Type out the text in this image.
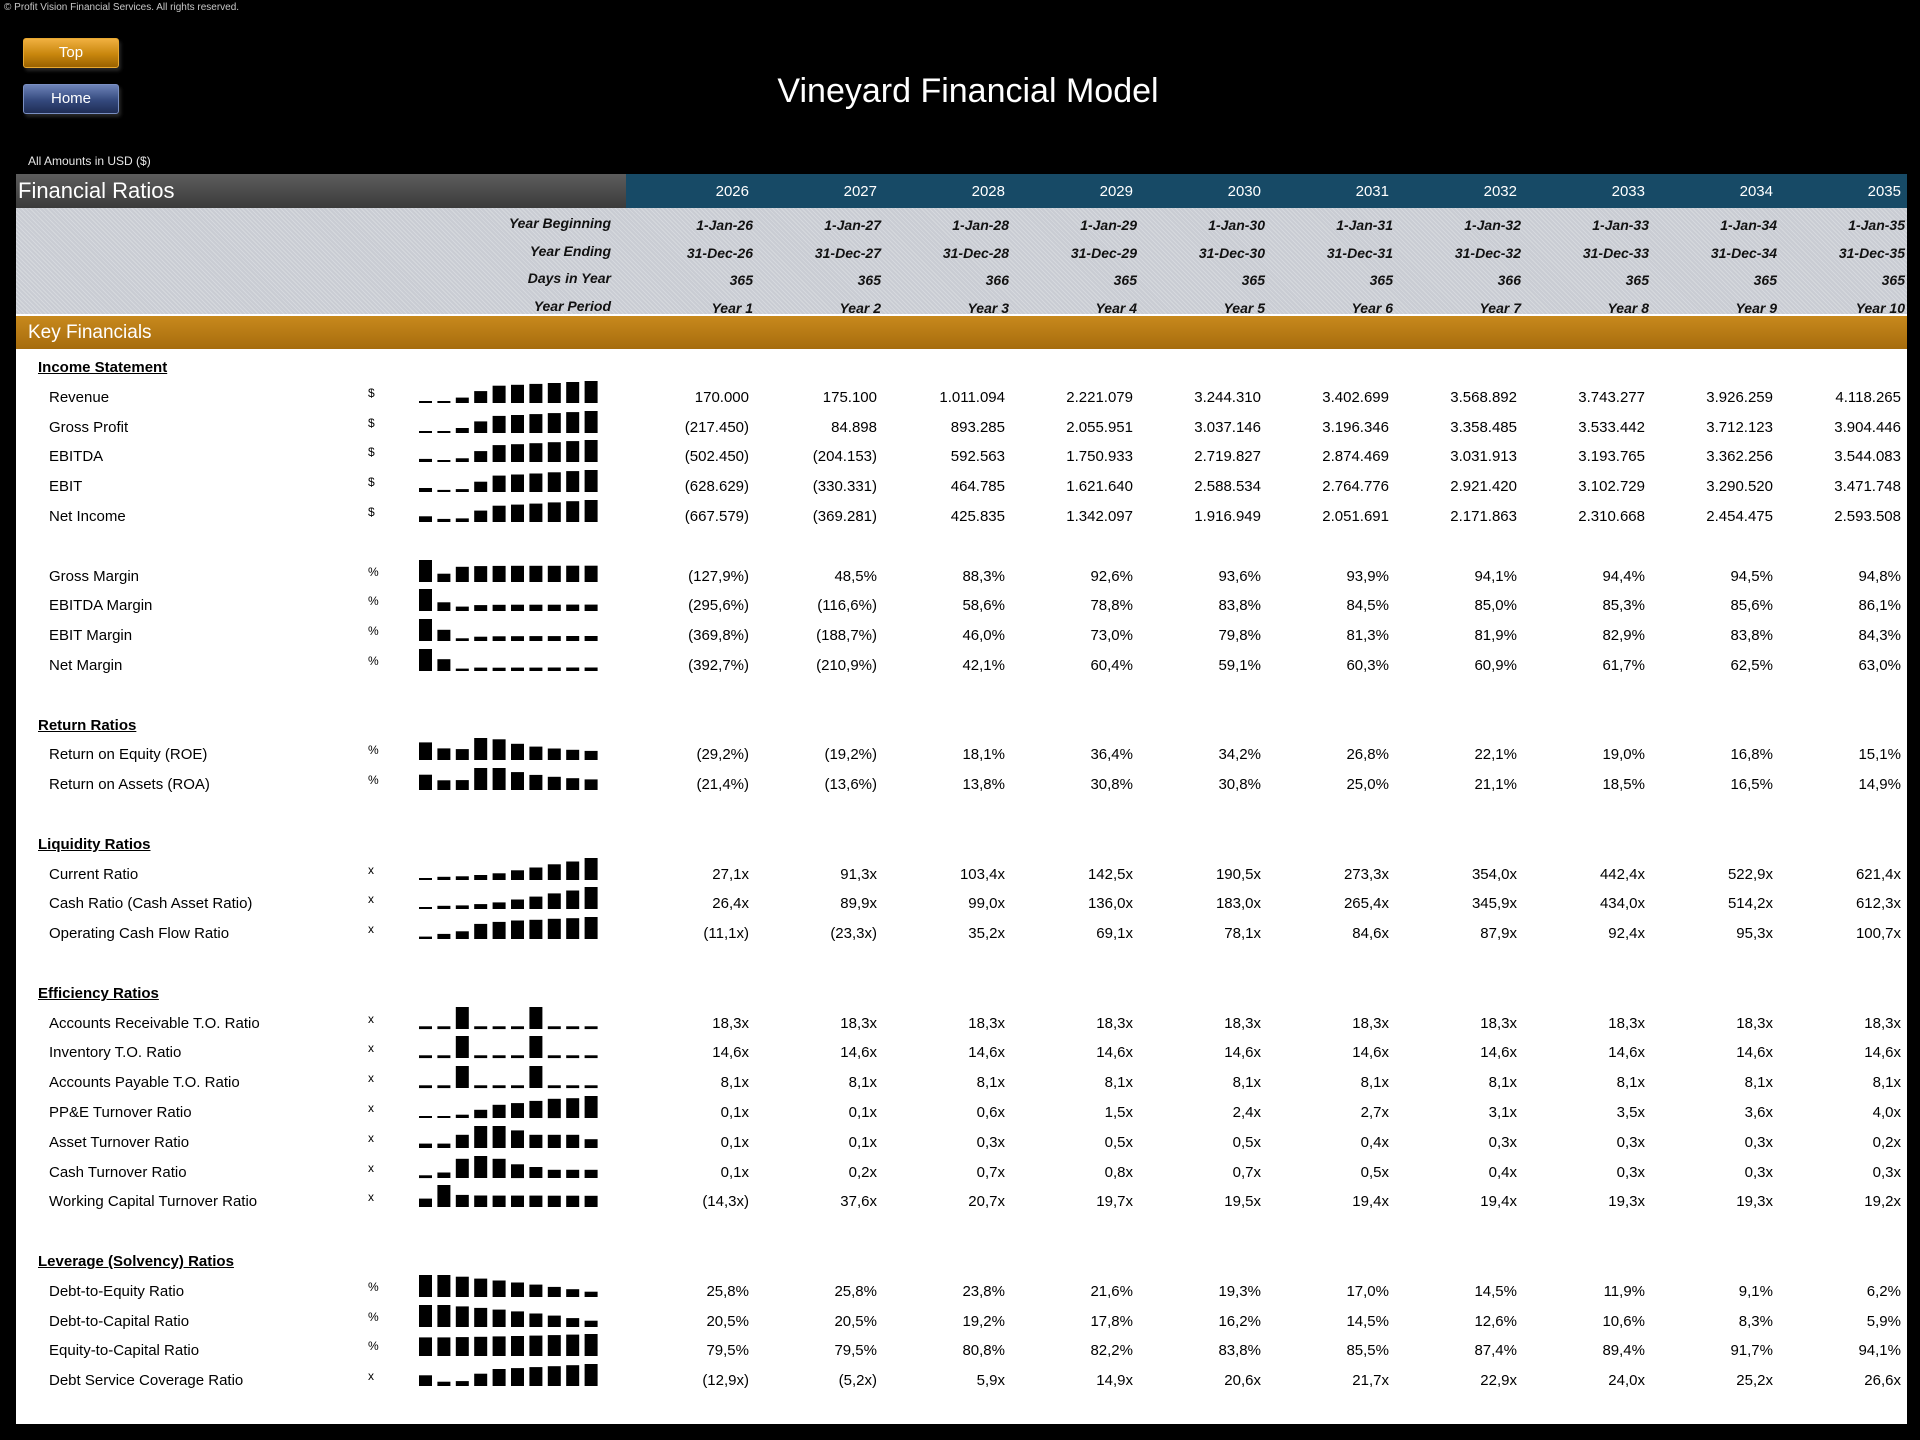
© Profit Vision Financial Services. All rights reserved.
Top
Home	Vineyard Financial Model
All Amounts in USD ($)
Financial Ratios	2026	2027	2028	2029	2030	2031	2032	2033	2034	2035
Year Beginning	1-Jan-26	1-Jan-27	1-Jan-28	1-Jan-29	1-Jan-30	1-Jan-31	1-Jan-32	1-Jan-33	1-Jan-34	1-Jan-35
Year Ending	31-Dec-26	31-Dec-27	31-Dec-28	31-Dec-29	31-Dec-30	31-Dec-31	31-Dec-32	31-Dec-33	31-Dec-34	31-Dec-35
Days in Year	365	365	366	365	365	365	366	365	365	365
Year Period	Year 1	Year 2	Year 3	Year 4	Year 5	Year 6	Year 7	Year 8	Year 9	Year 10
Key Financials
Income Statement
Revenue	$	170.000	175.100	1.011.094	2.221.079	3.244.310	3.402.699	3.568.892	3.743.277	3.926.259	4.118.265
Gross Profit	$	(217.450)	84.898	893.285	2.055.951	3.037.146	3.196.346	3.358.485	3.533.442	3.712.123	3.904.446
EBITDA	$	(502.450)	(204.153)	592.563	1.750.933	2.719.827	2.874.469	3.031.913	3.193.765	3.362.256	3.544.083
EBIT	$	(628.629)	(330.331)	464.785	1.621.640	2.588.534	2.764.776	2.921.420	3.102.729	3.290.520	3.471.748
Net Income	$	(667.579)	(369.281)	425.835	1.342.097	1.916.949	2.051.691	2.171.863	2.310.668	2.454.475	2.593.508
Gross Margin	%	(127,9%)	48,5%	88,3%	92,6%	93,6%	93,9%	94,1%	94,4%	94,5%	94,8%
EBITDA Margin	%	(295,6%)	(116,6%)	58,6%	78,8%	83,8%	84,5%	85,0%	85,3%	85,6%	86,1%
EBIT Margin	%	(369,8%)	(188,7%)	46,0%	73,0%	79,8%	81,3%	81,9%	82,9%	83,8%	84,3%
Net Margin	%	(392,7%)	(210,9%)	42,1%	60,4%	59,1%	60,3%	60,9%	61,7%	62,5%	63,0%
Return Ratios
Return on Equity (ROE)	%	(29,2%)	(19,2%)	18,1%	36,4%	34,2%	26,8%	22,1%	19,0%	16,8%	15,1%
Return on Assets (ROA)	%	(21,4%)	(13,6%)	13,8%	30,8%	30,8%	25,0%	21,1%	18,5%	16,5%	14,9%
Liquidity Ratios
Current Ratio	x	27,1x	91,3x	103,4x	142,5x	190,5x	273,3x	354,0x	442,4x	522,9x	621,4x
Cash Ratio (Cash Asset Ratio)	x	26,4x	89,9x	99,0x	136,0x	183,0x	265,4x	345,9x	434,0x	514,2x	612,3x
Operating Cash Flow Ratio	x	(11,1x)	(23,3x)	35,2x	69,1x	78,1x	84,6x	87,9x	92,4x	95,3x	100,7x
Efficiency Ratios
Accounts Receivable T.O. Ratio	x	18,3x	18,3x	18,3x	18,3x	18,3x	18,3x	18,3x	18,3x	18,3x	18,3x
Inventory T.O. Ratio	x	14,6x	14,6x	14,6x	14,6x	14,6x	14,6x	14,6x	14,6x	14,6x	14,6x
Accounts Payable T.O. Ratio	x	8,1x	8,1x	8,1x	8,1x	8,1x	8,1x	8,1x	8,1x	8,1x	8,1x
PP&E Turnover Ratio	x	0,1x	0,1x	0,6x	1,5x	2,4x	2,7x	3,1x	3,5x	3,6x	4,0x
Asset Turnover Ratio	x	0,1x	0,1x	0,3x	0,5x	0,5x	0,4x	0,3x	0,3x	0,3x	0,2x
Cash Turnover Ratio	x	0,1x	0,2x	0,7x	0,8x	0,7x	0,5x	0,4x	0,3x	0,3x	0,3x
Working Capital Turnover Ratio	x	(14,3x)	37,6x	20,7x	19,7x	19,5x	19,4x	19,4x	19,3x	19,3x	19,2x
Leverage (Solvency) Ratios
Debt-to-Equity Ratio	%	25,8%	25,8%	23,8%	21,6%	19,3%	17,0%	14,5%	11,9%	9,1%	6,2%
Debt-to-Capital Ratio	%	20,5%	20,5%	19,2%	17,8%	16,2%	14,5%	12,6%	10,6%	8,3%	5,9%
Equity-to-Capital Ratio	%	79,5%	79,5%	80,8%	82,2%	83,8%	85,5%	87,4%	89,4%	91,7%	94,1%
Debt Service Coverage Ratio	x	(12,9x)	(5,2x)	5,9x	14,9x	20,6x	21,7x	22,9x	24,0x	25,2x	26,6x
